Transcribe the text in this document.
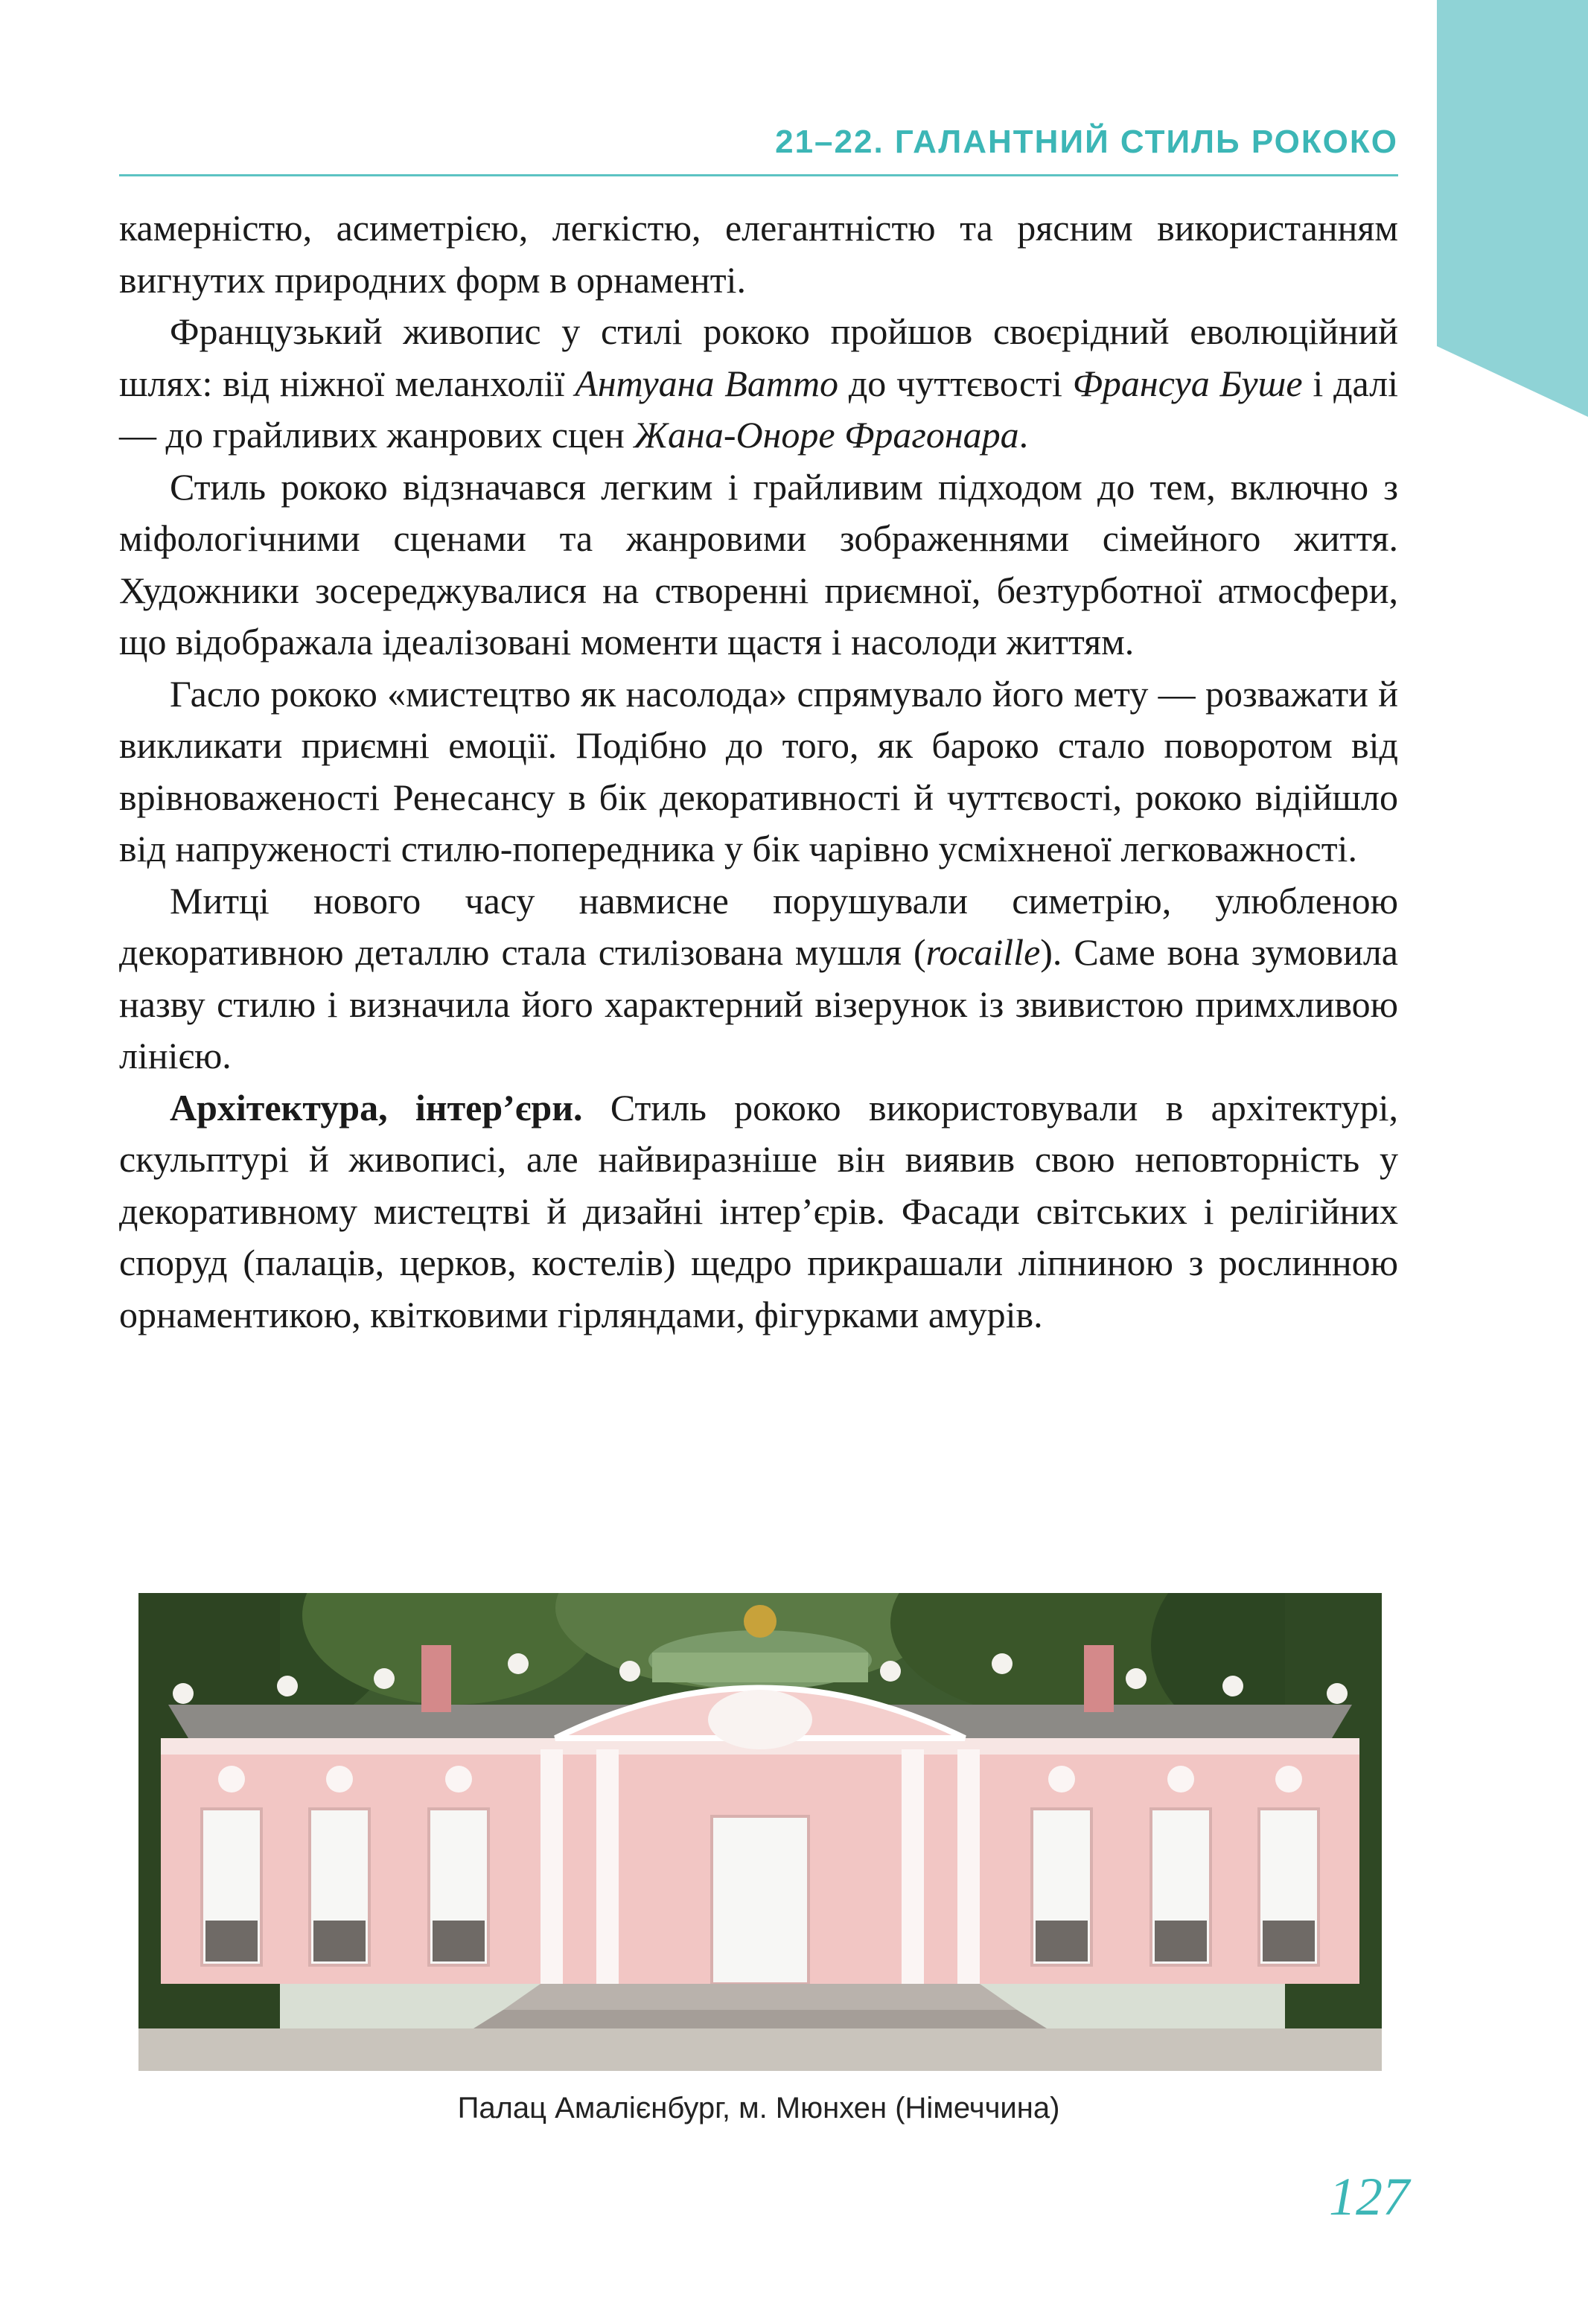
21–22. ГАЛАНТНИЙ СТИЛЬ РОКОКО

камерністю, асиметрією, легкістю, елегантністю та рясним використанням вигнутих природних форм в орнаменті.

Французький живопис у стилі рококо пройшов своєрідний еволюційний шлях: від ніжної меланхолії Антуана Ватто до чуттєвості Франсуа Буше і далі — до грайливих жанрових сцен Жана-Оноре Фрагонара.

Стиль рококо відзначався легким і грайливим підходом до тем, включно з міфологічними сценами та жанровими зображеннями сімейного життя. Художники зосереджувалися на створенні приємної, безтурботної атмосфери, що відображала ідеалізовані моменти щастя і насолоди життям.

Гасло рококо «мистецтво як насолода» спрямувало його мету — розважати й викликати приємні емоції. Подібно до того, як бароко стало поворотом від врівноваженості Ренесансу в бік декоративності й чуттєвості, рококо відійшло від напруженості стилю-попередника у бік чарівно усміхненої легковажності.

Митці нового часу навмисне порушували симетрію, улюбленою декоративною деталлю стала стилізована мушля (rocaille). Саме вона зумовила назву стилю і визначила його характерний візерунок із звивистою примхливою лінією.

Архітектура, інтер’єри. Стиль рококо використовували в архітектурі, скульптурі й живописі, але найвиразніше він виявив свою неповторність у декоративному мистецтві й дизайні інтер’єрів. Фасади світських і релігійних споруд (палаців, церков, костелів) щедро прикрашали ліпниною з рослинною орнаментикою, квітковими гірляндами, фігурками амурів.

Палац Амалієнбург, м. Мюнхен (Німеччина)
127
